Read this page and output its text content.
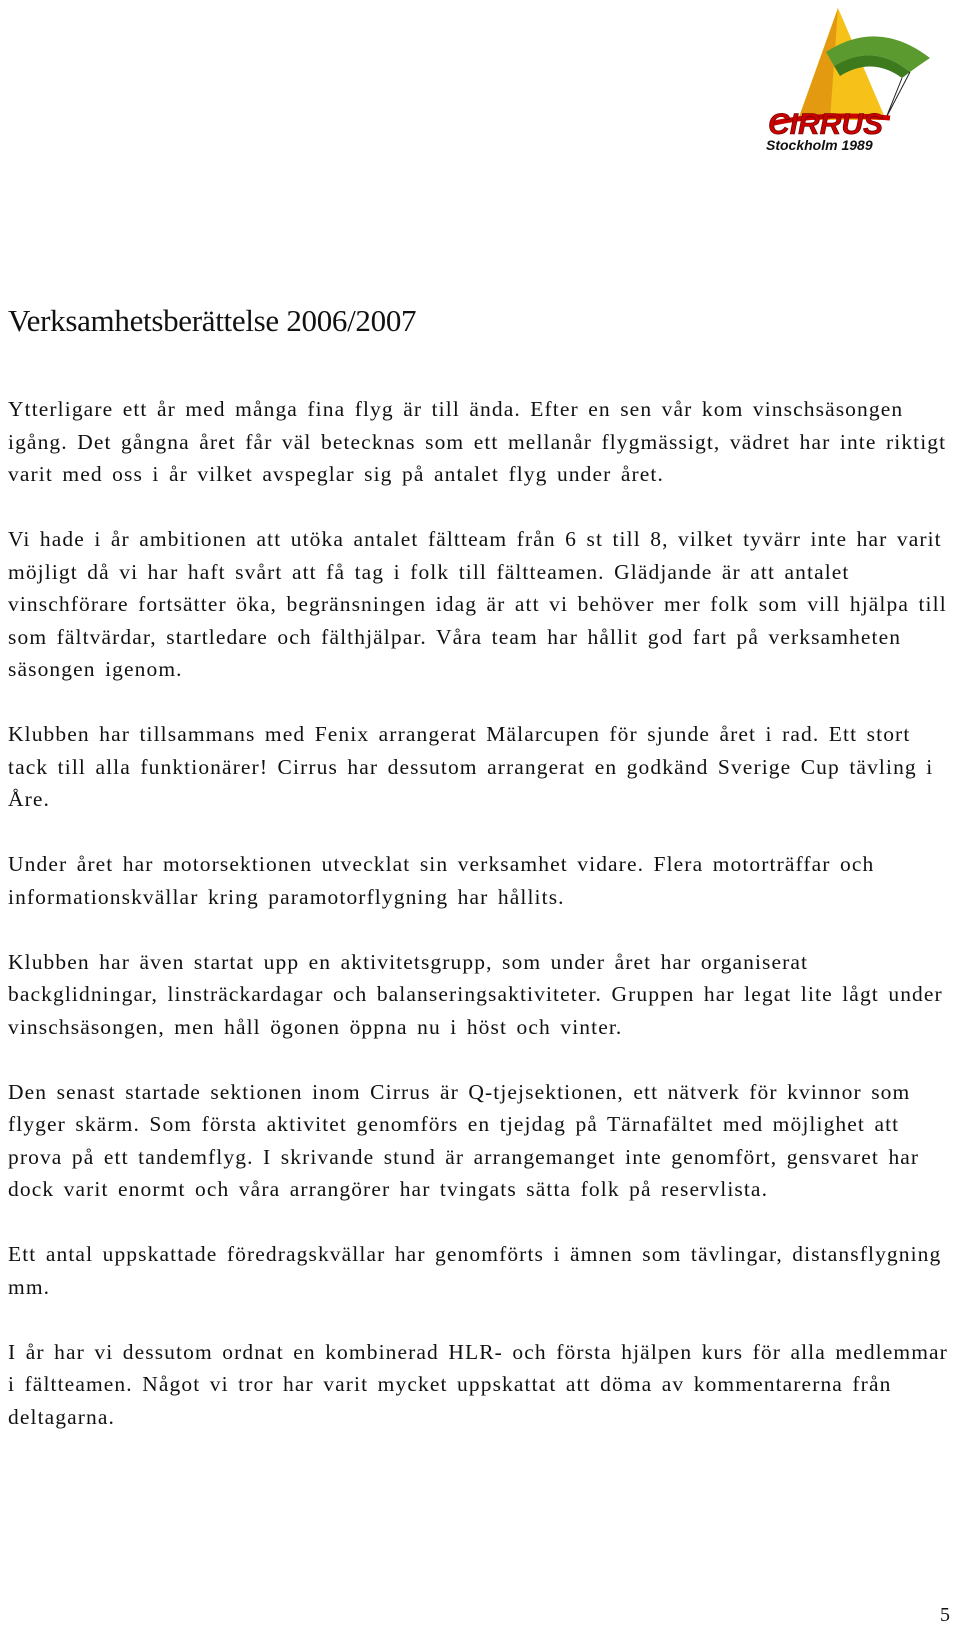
CIRRUS
Stockholm 1989
Verksamhetsberättelse 2006/2007

Ytterligare ett år med många fina flyg är till ända. Efter en sen vår kom vinschsäsongen igång. Det gångna året får väl betecknas som ett mellanår flygmässigt, vädret har inte riktigt varit med oss i år vilket avspeglar sig på antalet flyg under året.

Vi hade i år ambitionen att utöka antalet fältteam från 6 st till 8, vilket tyvärr inte har varit möjligt då vi har haft svårt att få tag i folk till fältteamen. Glädjande är att antalet vinschförare fortsätter öka, begränsningen idag är att vi behöver mer folk som vill hjälpa till som fältvärdar, startledare och fälthjälpar. Våra team har hållit god fart på verksamheten säsongen igenom.

Klubben har tillsammans med Fenix arrangerat Mälarcupen för sjunde året i rad. Ett stort tack till alla funktionärer! Cirrus har dessutom arrangerat en godkänd Sverige Cup tävling i Åre.

Under året har motorsektionen utvecklat sin verksamhet vidare. Flera motorträffar och informationskvällar kring paramotorflygning har hållits.

Klubben har även startat upp en aktivitetsgrupp, som under året har organiserat backglidningar, linsträckardagar och balanseringsaktiviteter. Gruppen har legat lite lågt under vinschsäsongen, men håll ögonen öppna nu i höst och vinter.

Den senast startade sektionen inom Cirrus är Q-tjejsektionen, ett nätverk för kvinnor som flyger skärm. Som första aktivitet genomförs en tjejdag på Tärnafältet med möjlighet att prova på ett tandemflyg. I skrivande stund är arrangemanget inte genomfört, gensvaret har dock varit enormt och våra arrangörer har tvingats sätta folk på reservlista.

Ett antal uppskattade föredragskvällar har genomförts i ämnen som tävlingar, distansflygning mm.

I år har vi dessutom ordnat en kombinerad HLR- och första hjälpen kurs för alla medlemmar i fältteamen. Något vi tror har varit mycket uppskattat att döma av kommentarerna från deltagarna.

5
